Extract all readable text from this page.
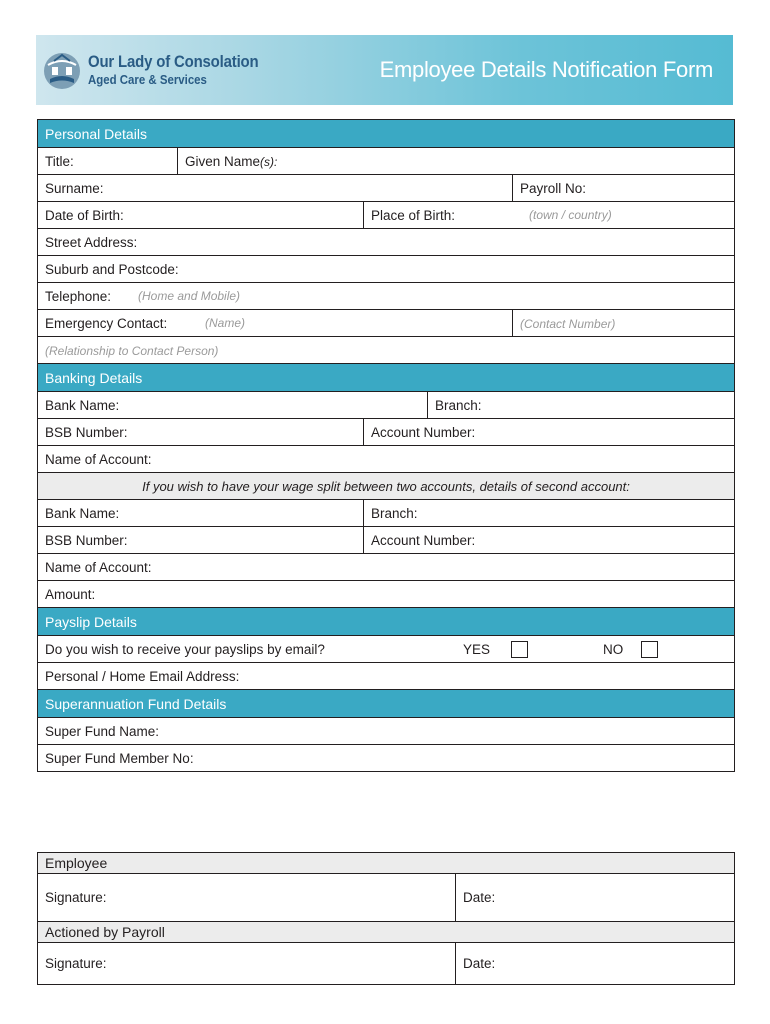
Our Lady of Consolation
Aged Care & Services	Employee Details Notification Form
Personal Details
Title:	Given Name(s):
Surname:	Payroll No:
Date of Birth:	Place of Birth:	(town / country)
Street Address:
Suburb and Postcode:
Telephone: (Home and Mobile)
Emergency Contact:	(Name)	(Contact Number)
(Relationship to Contact Person)
Banking Details
Bank Name:	Branch:
BSB Number:	Account Number:
Name of Account:
If you wish to have your wage split between two accounts, details of second account:
Bank Name:	Branch:
BSB Number:	Account Number:
Name of Account:
Amount:
Payslip Details
Do you wish to receive your payslips by email?	YES	NO
Personal / Home Email Address:
Superannuation Fund Details
Super Fund Name:
Super Fund Member No:
Employee
Signature:	Date:
Actioned by Payroll
Signature:	Date:
